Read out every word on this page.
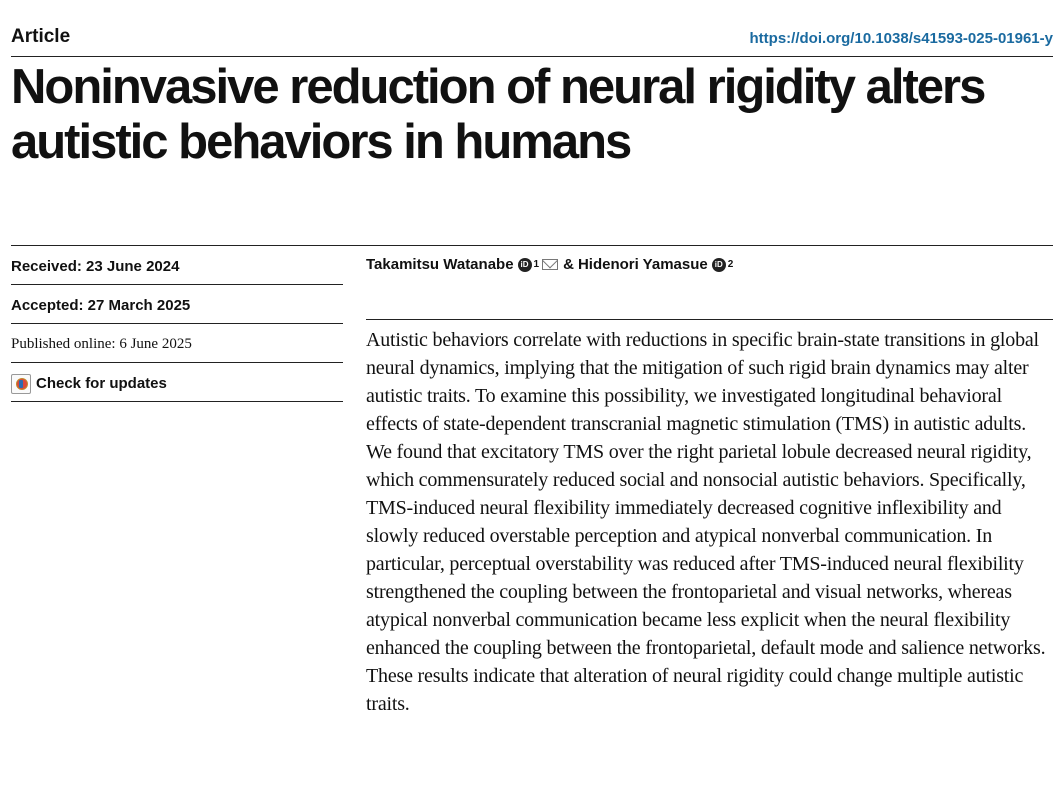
Article	https://doi.org/10.1038/s41593-025-01961-y
Noninvasive reduction of neural rigidity alters autistic behaviors in humans
Received: 23 June 2024
Accepted: 27 March 2025
Published online: 6 June 2025
Check for updates
Takamitsu Watanabe iD 1 & Hidenori Yamasue iD 2

Autistic behaviors correlate with reductions in specific brain-state transitions in global neural dynamics, implying that the mitigation of such rigid brain dynamics may alter autistic traits. To examine this possibility, we investigated longitudinal behavioral effects of state-dependent transcranial magnetic stimulation (TMS) in autistic adults. We found that excitatory TMS over the right parietal lobule decreased neural rigidity, which commensurately reduced social and nonsocial autistic behaviors. Specifically, TMS-induced neural flexibility immediately decreased cognitive inflexibility and slowly reduced overstable perception and atypical nonverbal communication. In particular, perceptual overstability was reduced after TMS-induced neural flexibility strengthened the coupling between the frontoparietal and visual networks, whereas atypical nonverbal communication became less explicit when the neural flexibility enhanced the coupling between the frontoparietal, default mode and salience networks. These results indicate that alteration of neural rigidity could change multiple autistic traits.
